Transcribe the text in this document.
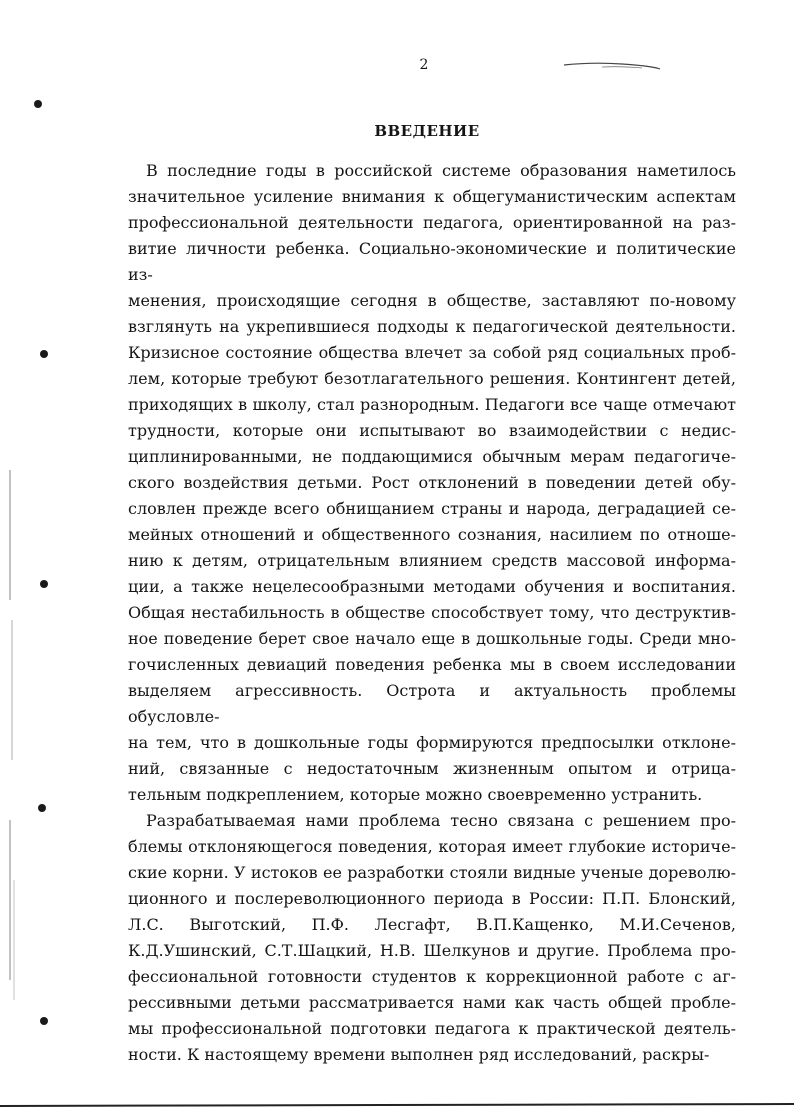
2
ВВЕДЕНИЕ
В последние годы в российской системе образования наметилось
значительное усиление внимания к общегуманистическим аспектам
профессиональной деятельности педагога, ориентированной на раз-
витие личности ребенка. Социально-экономические и политические из-
менения, происходящие сегодня в обществе, заставляют по-новому
взглянуть на укрепившиеся подходы к педагогической деятельности.
Кризисное состояние общества влечет за собой ряд социальных проб-
лем, которые требуют безотлагательного решения. Контингент детей,
приходящих в школу, стал разнородным. Педагоги все чаще отмечают
трудности, которые они испытывают во взаимодействии с недис-
циплинированными, не поддающимися обычным мерам педагогиче-
ского воздействия детьми. Рост отклонений в поведении детей обу-
словлен прежде всего обнищанием страны и народа, деградацией се-
мейных отношений и общественного сознания, насилием по отноше-
нию к детям, отрицательным влиянием средств массовой информа-
ции, а также нецелесообразными методами обучения и воспитания.
Общая нестабильность в обществе способствует тому, что деструктив-
ное поведение берет свое начало еще в дошкольные годы. Среди мно-
гочисленных девиаций поведения ребенка мы в своем исследовании
выделяем агрессивность. Острота и актуальность проблемы обусловле-
на тем, что в дошкольные годы формируются предпосылки отклоне-
ний, связанные с недостаточным жизненным опытом и отрица-
тельным подкреплением, которые можно своевременно устранить.
Разрабатываемая нами проблема тесно связана с решением про-
блемы отклоняющегося поведения, которая имеет глубокие историче-
ские корни. У истоков ее разработки стояли видные ученые дореволю-
ционного и послереволюционного периода в России: П.П. Блонский,
Л.С. Выготский, П.Ф. Лесгафт, В.П.Кащенко, М.И.Сеченов,
К.Д.Ушинский, С.Т.Шацкий, Н.В. Шелкунов и другие. Проблема про-
фессиональной готовности студентов к коррекционной работе с аг-
рессивными детьми рассматривается нами как часть общей пробле-
мы профессиональной подготовки педагога к практической деятель-
ности. К настоящему времени выполнен ряд исследований, раскры-
